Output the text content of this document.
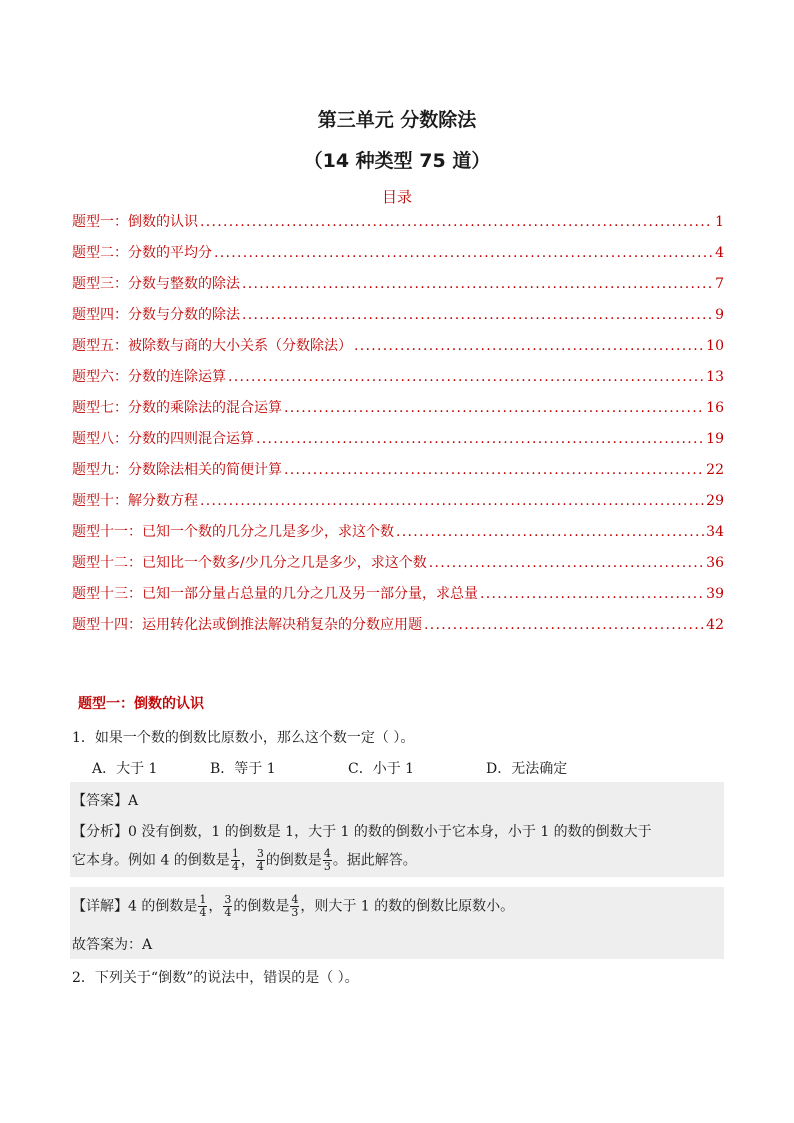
第三单元 分数除法
（14 种类型 75 道）
目录
题型一：倒数的认识 .....	1
题型二：分数的平均分 .....	4
题型三：分数与整数的除法 .....	7
题型四：分数与分数的除法 .....	9
题型五：被除数与商的大小关系（分数除法） .....	10
题型六：分数的连除运算 .....	13
题型七：分数的乘除法的混合运算 .....	16
题型八：分数的四则混合运算 .....	19
题型九：分数除法相关的简便计算 .....	22
题型十：解分数方程 .....	29
题型十一：已知一个数的几分之几是多少，求这个数 .....	34
题型十二：已知比一个数多/少几分之几是多少，求这个数 .....	36
题型十三：已知一部分量占总量的几分之几及另一部分量，求总量 .....	39
题型十四：运用转化法或倒推法解决稍复杂的分数应用题 .....	42
题型一：倒数的认识
1．如果一个数的倒数比原数小，那么这个数一定（ ）。
A．大于 1	B．等于 1	C．小于 1	D．无法确定
【答案】A
【分析】0 没有倒数，1 的倒数是 1，大于 1 的数的倒数小于它本身，小于 1 的数的倒数大于
它本身。例如 4 的倒数是 $\frac{1}{4}$ ， $\frac{3}{4}$ 的倒数是 $\frac{4}{3}$ 。据此解答。
【详解】4 的倒数是 $\frac{1}{4}$ ， $\frac{3}{4}$ 的倒数是 $\frac{4}{3}$ ，则大于 1 的数的倒数比原数小。
故答案为：A
2．下列关于“倒数”的说法中，错误的是（ ）。
